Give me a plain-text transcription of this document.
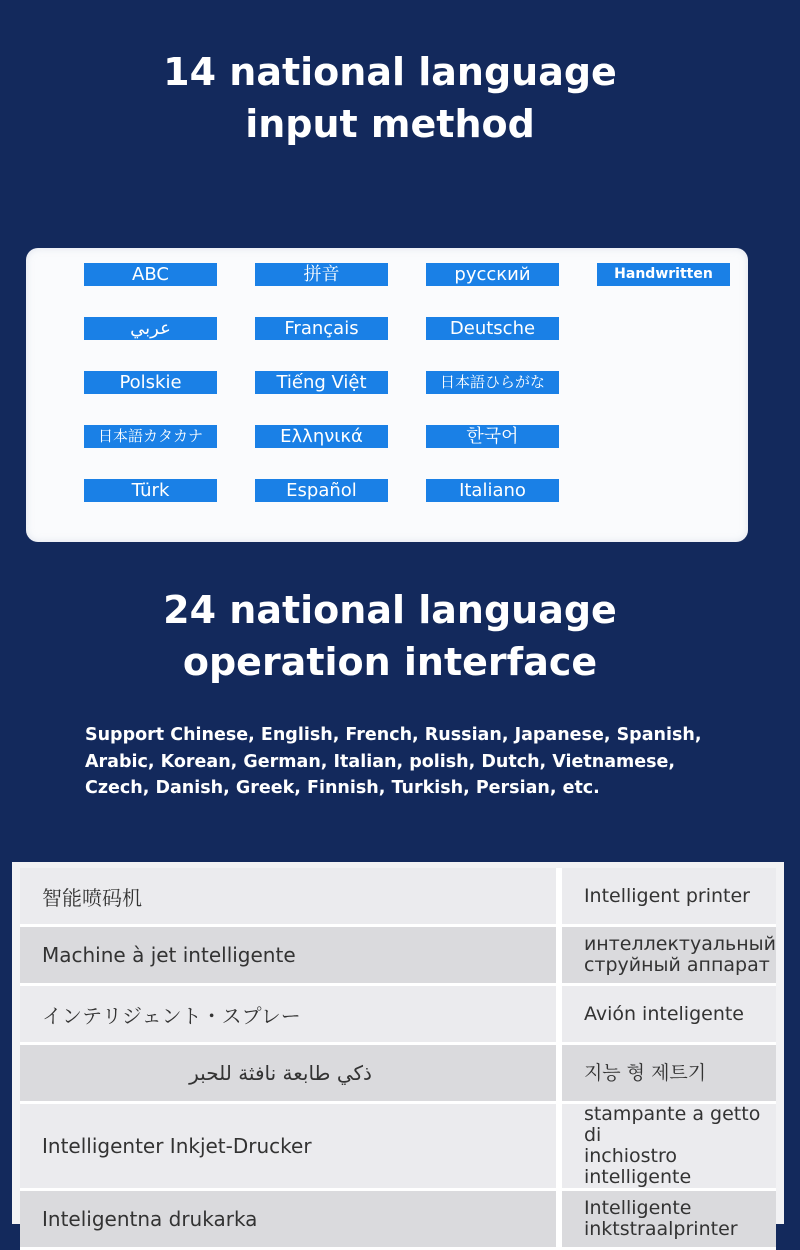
14 national language
input method
ABC	拼音	русский	Handwritten
عربي	Français	Deutsche
Polskie	Tiếng Việt	日本語ひらがな
日本語カタカナ	Ελληνικά	한국어
Türk	Español	Italiano
24 national language
operation interface

Support Chinese, English, French, Russian, Japanese, Spanish,
Arabic, Korean, German, Italian, polish, Dutch, Vietnamese,
Czech, Danish, Greek, Finnish, Turkish, Persian, etc.

智能喷码机	Intelligent printer

Machine à jet intelligente	интеллектуальный
струйный аппарат

インテリジェント・スプレー	Avión inteligente

ذكي طابعة نافثة للحبر	지능 형 제트기

Intelligenter Inkjet-Drucker	stampante a getto di
inchiostro intelligente

Inteligentna drukarka	Intelligente inktstraalprinter
